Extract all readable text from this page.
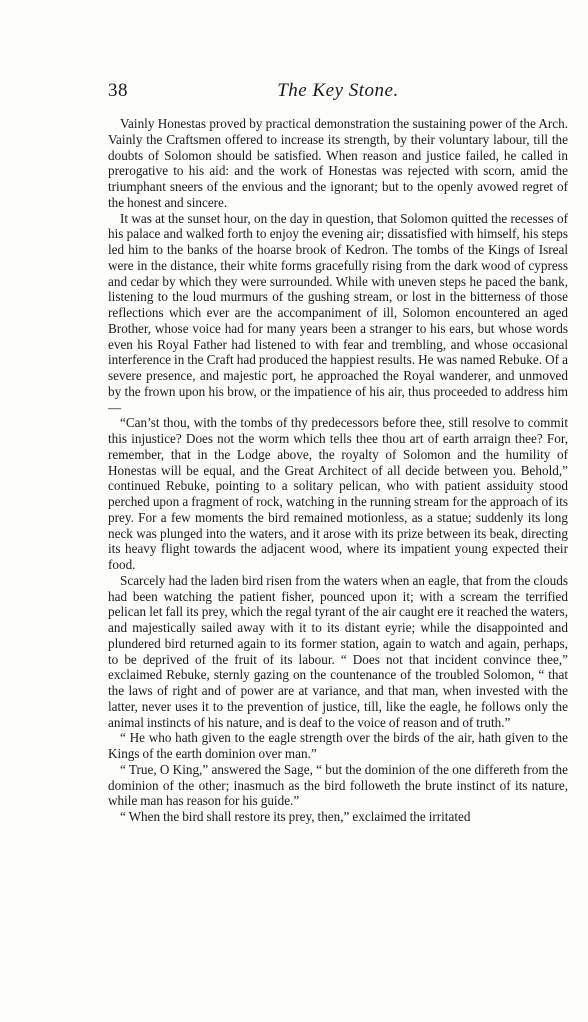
38	The Key Stone.

Vainly Honestas proved by practical demonstration the sustaining power of the Arch. Vainly the Craftsmen offered to increase its strength, by their voluntary labour, till the doubts of Solomon should be satisfied. When reason and justice failed, he called in prerogative to his aid: and the work of Honestas was rejected with scorn, amid the triumphant sneers of the envious and the ignorant; but to the openly avowed regret of the honest and sincere.

It was at the sunset hour, on the day in question, that Solomon quitted the recesses of his palace and walked forth to enjoy the evening air; dissatisfied with himself, his steps led him to the banks of the hoarse brook of Kedron. The tombs of the Kings of Isreal were in the distance, their white forms gracefully rising from the dark wood of cypress and cedar by which they were surrounded. While with uneven steps he paced the bank, listening to the loud murmurs of the gushing stream, or lost in the bitterness of those reflections which ever are the accompaniment of ill, Solomon encountered an aged Brother, whose voice had for many years been a stranger to his ears, but whose words even his Royal Father had listened to with fear and trembling, and whose occasional interference in the Craft had produced the happiest results. He was named Rebuke. Of a severe presence, and majestic port, he approached the Royal wanderer, and unmoved by the frown upon his brow, or the impatience of his air, thus proceeded to address him—

“Can’st thou, with the tombs of thy predecessors before thee, still resolve to commit this injustice? Does not the worm which tells thee thou art of earth arraign thee? For, remember, that in the Lodge above, the royalty of Solomon and the humility of Honestas will be equal, and the Great Architect of all decide between you. Behold,” continued Rebuke, pointing to a solitary pelican, who with patient assiduity stood perched upon a fragment of rock, watching in the running stream for the approach of its prey. For a few moments the bird remained motionless, as a statue; suddenly its long neck was plunged into the waters, and it arose with its prize between its beak, directing its heavy flight towards the adjacent wood, where its impatient young expected their food.

Scarcely had the laden bird risen from the waters when an eagle, that from the clouds had been watching the patient fisher, pounced upon it; with a scream the terrified pelican let fall its prey, which the regal tyrant of the air caught ere it reached the waters, and majestically sailed away with it to its distant eyrie; while the disappointed and plundered bird returned again to its former station, again to watch and again, perhaps, to be deprived of the fruit of its labour. “ Does not that incident convince thee,” exclaimed Rebuke, sternly gazing on the countenance of the troubled Solomon, “ that the laws of right and of power are at variance, and that man, when invested with the latter, never uses it to the prevention of justice, till, like the eagle, he follows only the animal instincts of his nature, and is deaf to the voice of reason and of truth.”

“ He who hath given to the eagle strength over the birds of the air, hath given to the Kings of the earth dominion over man.”

“ True, O King,” answered the Sage, “ but the dominion of the one differeth from the dominion of the other; inasmuch as the bird followeth the brute instinct of its nature, while man has reason for his guide.”

“ When the bird shall restore its prey, then,” exclaimed the irritated
